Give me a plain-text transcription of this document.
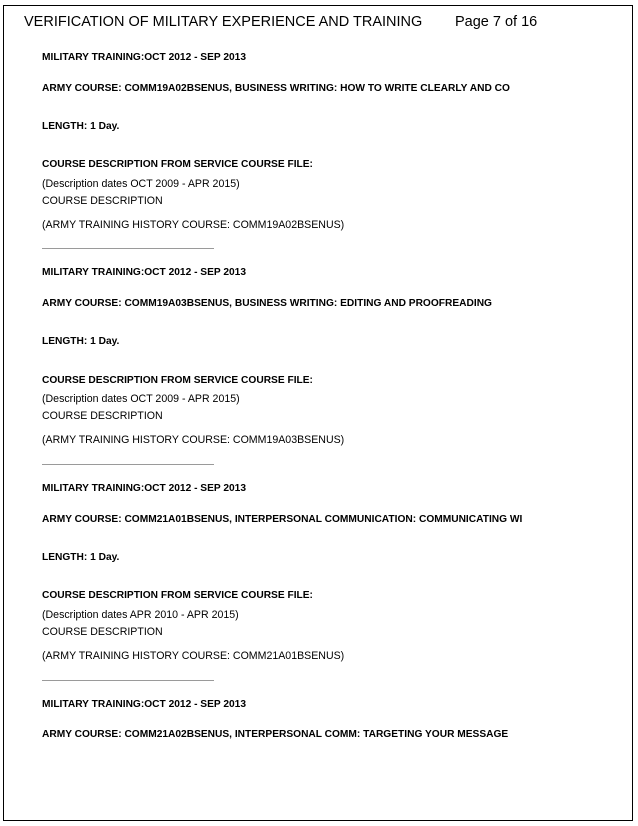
VERIFICATION OF MILITARY EXPERIENCE AND TRAINING Page 7 of 16
MILITARY TRAINING:OCT 2012 - SEP 2013
ARMY COURSE: COMM19A02BSENUS, BUSINESS WRITING: HOW TO WRITE CLEARLY AND CO
LENGTH: 1 Day.
COURSE DESCRIPTION FROM SERVICE COURSE FILE:
(Description dates OCT 2009 - APR 2015)
COURSE DESCRIPTION
(ARMY TRAINING HISTORY COURSE: COMM19A02BSENUS)
MILITARY TRAINING:OCT 2012 - SEP 2013
ARMY COURSE: COMM19A03BSENUS, BUSINESS WRITING: EDITING AND PROOFREADING
LENGTH: 1 Day.
COURSE DESCRIPTION FROM SERVICE COURSE FILE:
(Description dates OCT 2009 - APR 2015)
COURSE DESCRIPTION
(ARMY TRAINING HISTORY COURSE: COMM19A03BSENUS)
MILITARY TRAINING:OCT 2012 - SEP 2013
ARMY COURSE: COMM21A01BSENUS, INTERPERSONAL COMMUNICATION: COMMUNICATING WI
LENGTH: 1 Day.
COURSE DESCRIPTION FROM SERVICE COURSE FILE:
(Description dates APR 2010 - APR 2015)
COURSE DESCRIPTION
(ARMY TRAINING HISTORY COURSE: COMM21A01BSENUS)
MILITARY TRAINING:OCT 2012 - SEP 2013
ARMY COURSE: COMM21A02BSENUS, INTERPERSONAL COMM: TARGETING YOUR MESSAGE
